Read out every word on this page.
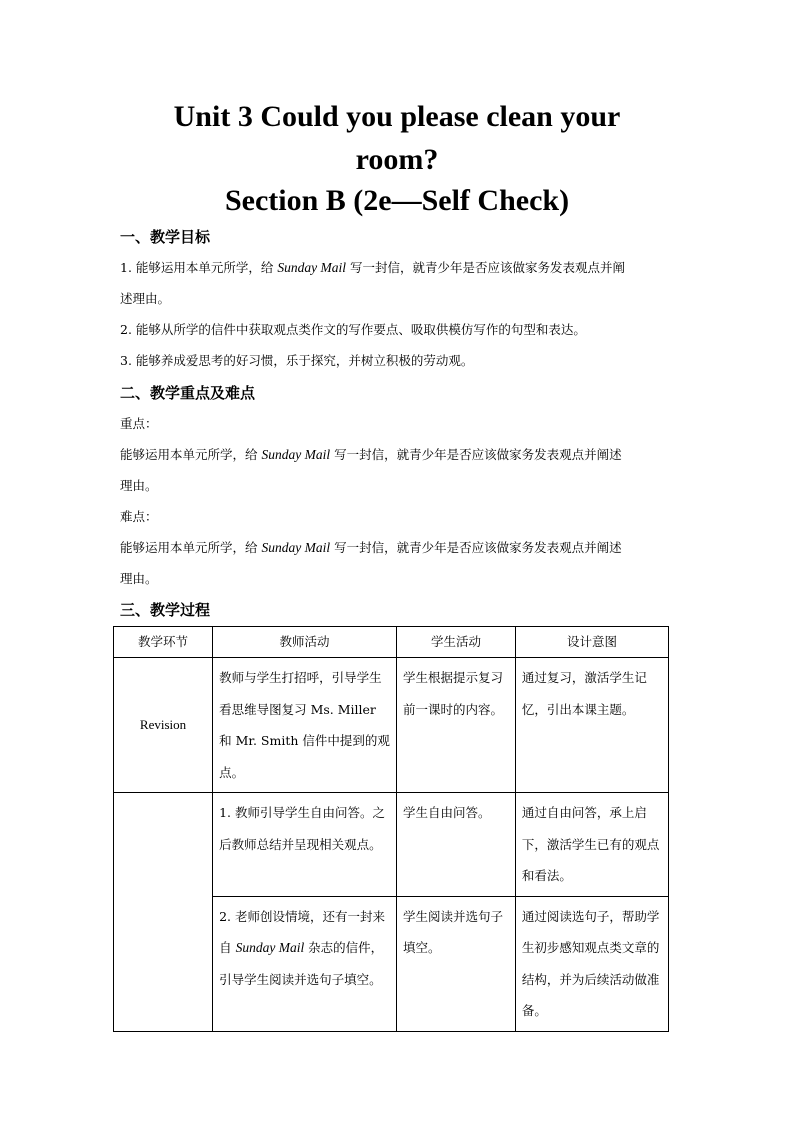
Unit 3 Could you please clean your
room?
Section B (2e—Self Check)
一、教学目标

1. 能够运用本单元所学，给 Sunday Mail 写一封信，就青少年是否应该做家务发表观点并阐

述理由。

2. 能够从所学的信件中获取观点类作文的写作要点、吸取供模仿写作的句型和表达。

3. 能够养成爱思考的好习惯，乐于探究，并树立积极的劳动观。

二、教学重点及难点

重点：

能够运用本单元所学，给 Sunday Mail 写一封信，就青少年是否应该做家务发表观点并阐述

理由。

难点：

能够运用本单元所学，给 Sunday Mail 写一封信，就青少年是否应该做家务发表观点并阐述

理由。

三、教学过程
教学环节	教师活动	学生活动	设计意图
Revision	教师与学生打招呼，引导学生看思维导图复习 Ms. Miller 和 Mr. Smith 信件中提到的观点。	学生根据提示复习前一课时的内容。	通过复习，激活学生记忆，引出本课主题。
	1. 教师引导学生自由问答。之后教师总结并呈现相关观点。	学生自由问答。	通过自由问答，承上启下，激活学生已有的观点和看法。
	2. 老师创设情境，还有一封来自 Sunday Mail 杂志的信件，引导学生阅读并选句子填空。	学生阅读并选句子填空。	通过阅读选句子，帮助学生初步感知观点类文章的结构，并为后续活动做准备。
